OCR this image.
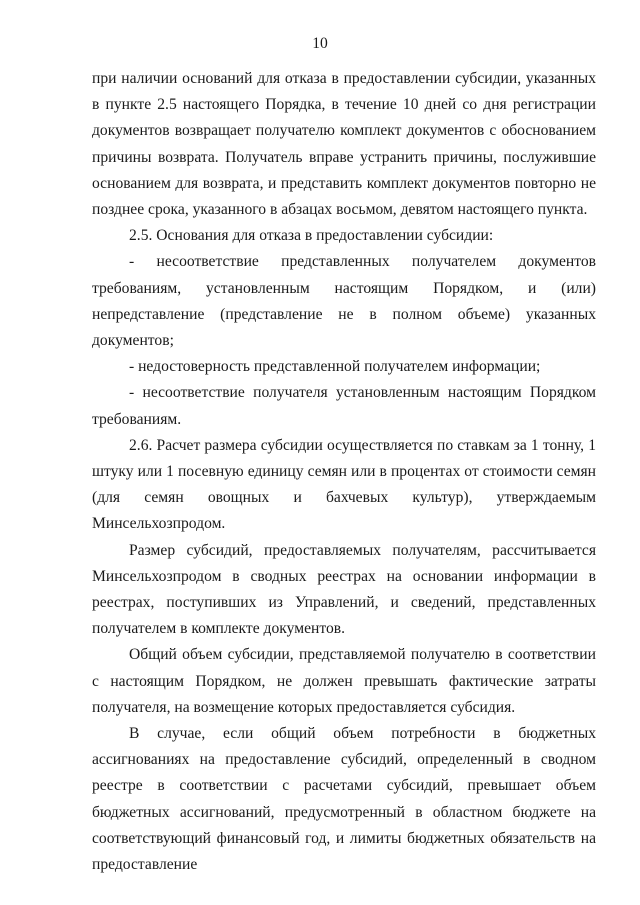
10

при наличии оснований для отказа в предоставлении субсидии, указанных в пункте 2.5 настоящего Порядка, в течение 10 дней со дня регистрации документов возвращает получателю комплект документов с обоснованием причины возврата. Получатель вправе устранить причины, послужившие основанием для возврата, и представить комплект документов повторно не позднее срока, указанного в абзацах восьмом, девятом настоящего пункта.

2.5. Основания для отказа в предоставлении субсидии:

- несоответствие представленных получателем документов требованиям, установленным настоящим Порядком, и (или) непредставление (представление не в полном объеме) указанных документов;

- недостоверность представленной получателем информации;

- несоответствие получателя установленным настоящим Порядком требованиям.

2.6. Расчет размера субсидии осуществляется по ставкам за 1 тонну, 1 штуку или 1 посевную единицу семян или в процентах от стоимости семян (для семян овощных и бахчевых культур), утверждаемым Минсельхозпродом.

Размер субсидий, предоставляемых получателям, рассчитывается Минсельхозпродом в сводных реестрах на основании информации в реестрах, поступивших из Управлений, и сведений, представленных получателем в комплекте документов.

Общий объем субсидии, представляемой получателю в соответствии с настоящим Порядком, не должен превышать фактические затраты получателя, на возмещение которых предоставляется субсидия.

В случае, если общий объем потребности в бюджетных ассигнованиях на предоставление субсидий, определенный в сводном реестре в соответствии с расчетами субсидий, превышает объем бюджетных ассигнований, предусмотренный в областном бюджете на соответствующий финансовый год, и лимиты бюджетных обязательств на предоставление
